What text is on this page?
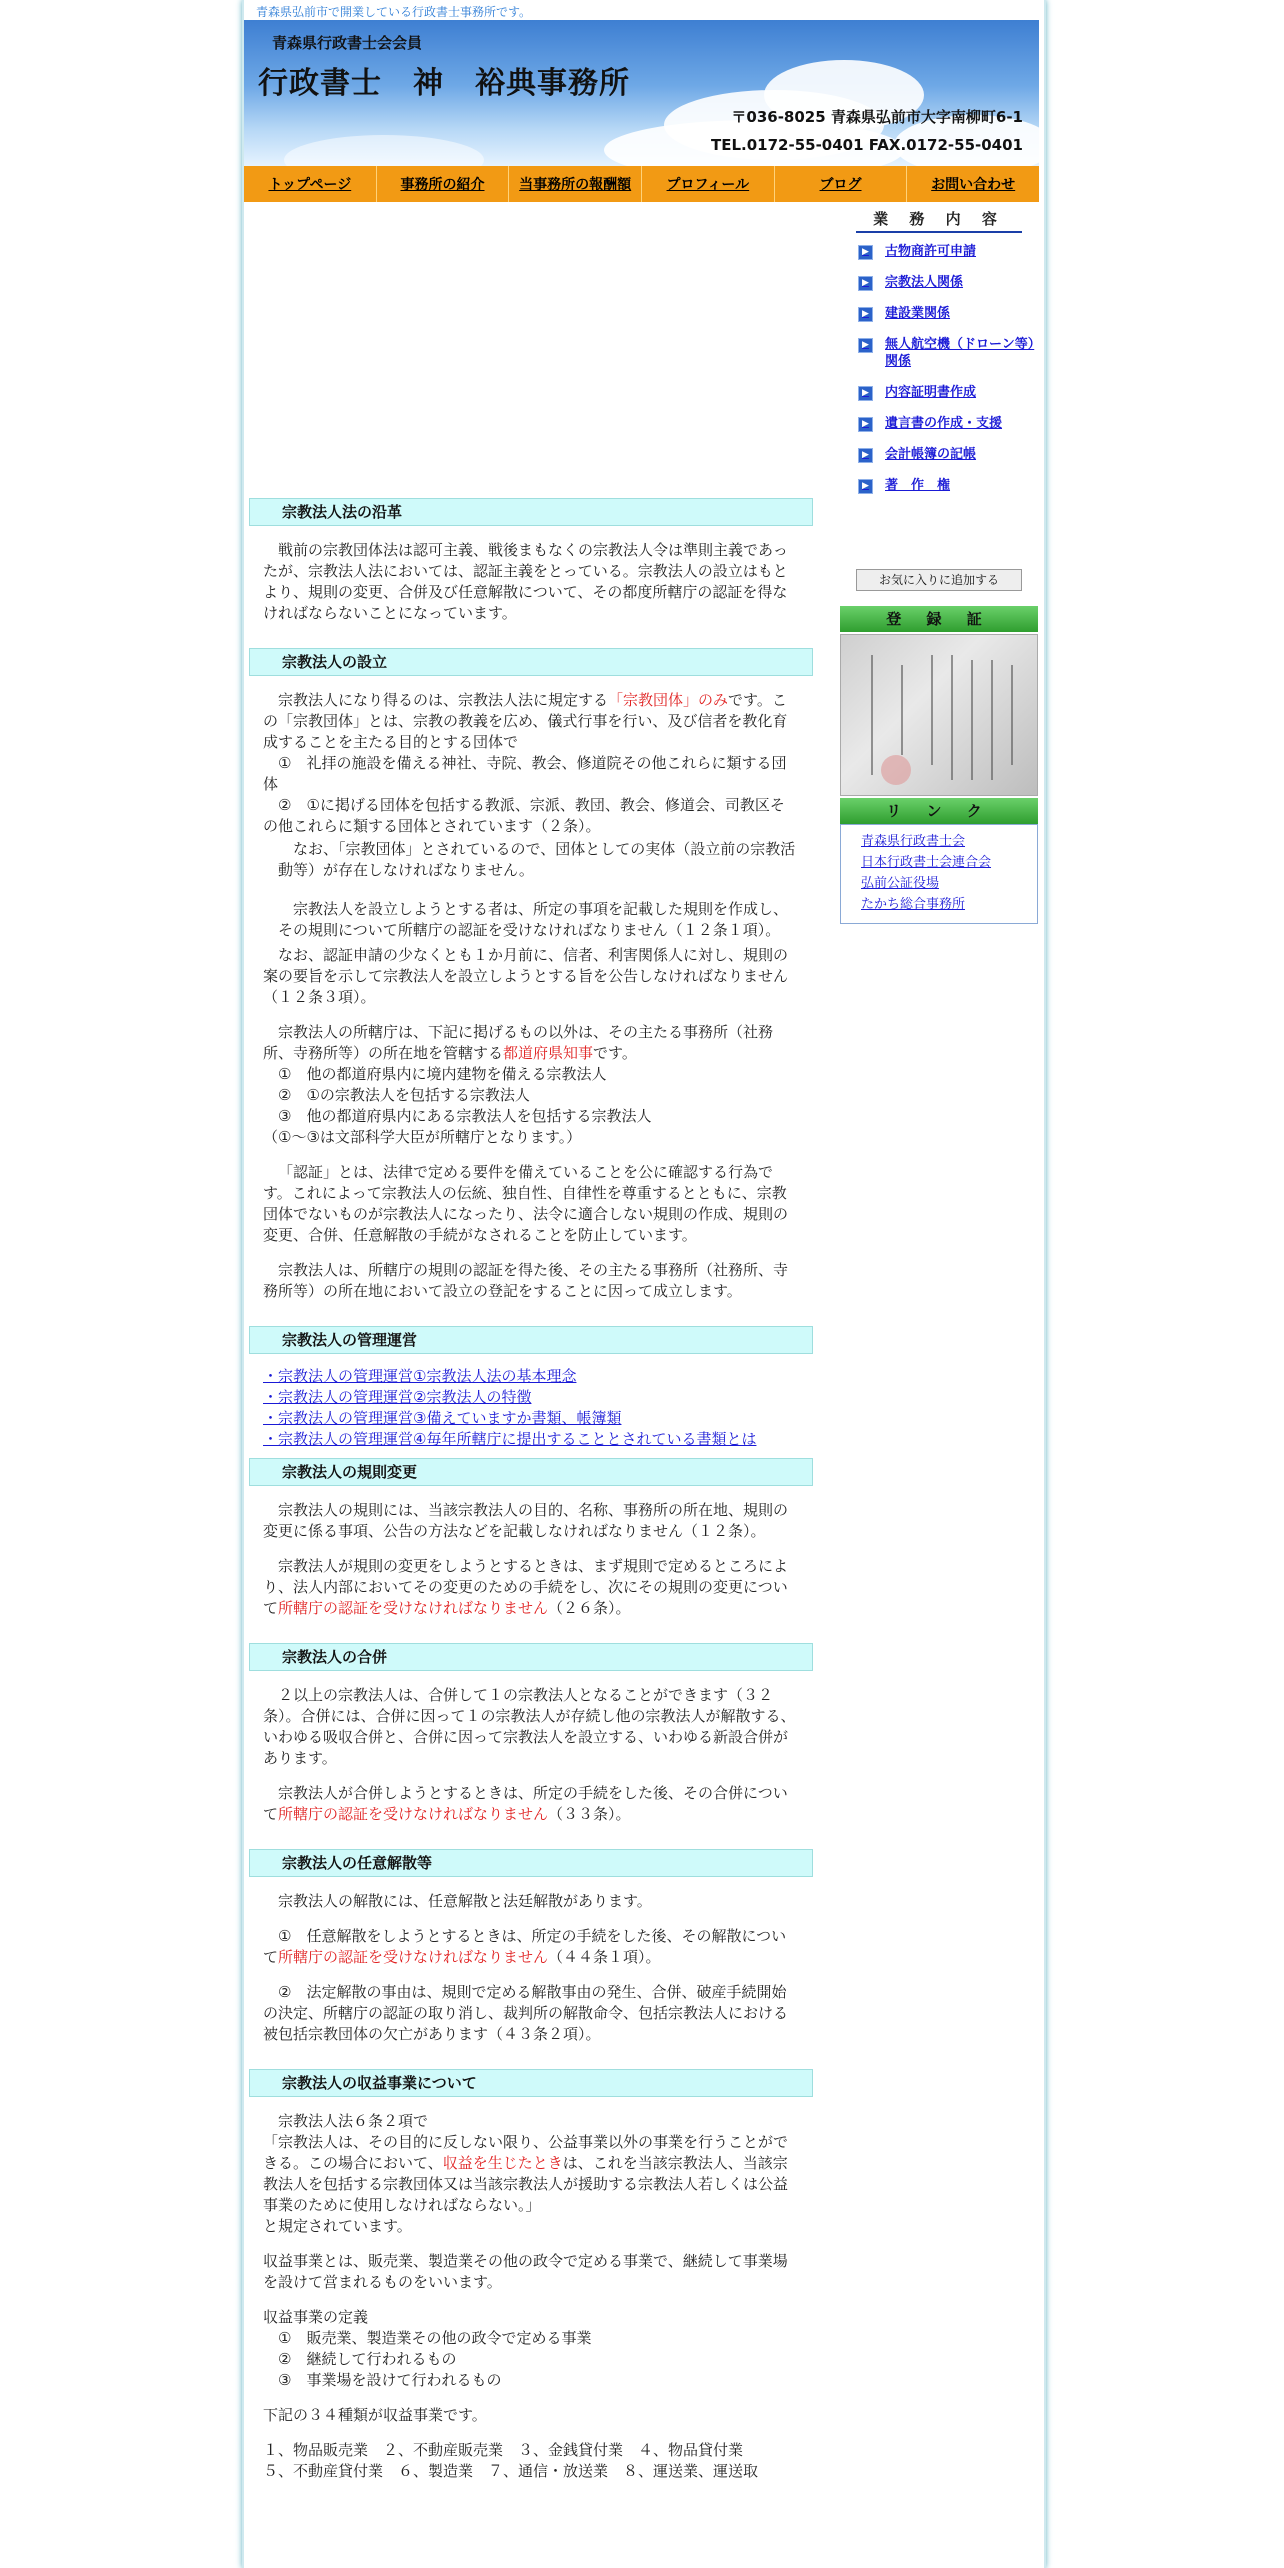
青森県弘前市で開業している行政書士事務所です。
青森県行政書士会会員
行政書士　神　裕典事務所
〒036-8025 青森県弘前市大字南柳町6-1
TEL.0172-55-0401 FAX.0172-55-0401
トップページ	事務所の紹介	当事務所の報酬額	プロフィール	ブログ	お問い合わせ
宗教法人法の沿革

戦前の宗教団体法は認可主義、戦後まもなくの宗教法人令は準則主義であったが、宗教法人法においては、認証主義をとっている。宗教法人の設立はもとより、規則の変更、合併及び任意解散について、その都度所轄庁の認証を得なければならないことになっています。

宗教法人の設立

宗教法人になり得るのは、宗教法人法に規定する「宗教団体」のみです。この「宗教団体」とは、宗教の教義を広め、儀式行事を行い、及び信者を教化育成することを主たる目的とする団体で

①　礼拝の施設を備える神社、寺院、教会、修道院その他これらに類する団体

②　①に掲げる団体を包括する教派、宗派、教団、教会、修道会、司教区その他これらに類する団体とされています（２条）。

なお、「宗教団体」とされているので、団体としての実体（設立前の宗教活動等）が存在しなければなりません。

宗教法人を設立しようとする者は、所定の事項を記載した規則を作成し、その規則について所轄庁の認証を受けなければなりません（１２条１項）。

なお、認証申請の少なくとも１か月前に、信者、利害関係人に対し、規則の案の要旨を示して宗教法人を設立しようとする旨を公告しなければなりません（１２条３項）。

宗教法人の所轄庁は、下記に掲げるもの以外は、その主たる事務所（社務所、寺務所等）の所在地を管轄する都道府県知事です。

①　他の都道府県内に境内建物を備える宗教法人

②　①の宗教法人を包括する宗教法人

③　他の都道府県内にある宗教法人を包括する宗教法人

（①～③は文部科学大臣が所轄庁となります。）

「認証」とは、法律で定める要件を備えていることを公に確認する行為です。これによって宗教法人の伝統、独自性、自律性を尊重するとともに、宗教団体でないものが宗教法人になったり、法令に適合しない規則の作成、規則の変更、合併、任意解散の手続がなされることを防止しています。

宗教法人は、所轄庁の規則の認証を得た後、その主たる事務所（社務所、寺務所等）の所在地において設立の登記をすることに因って成立します。

宗教法人の管理運営
・宗教法人の管理運営①宗教法人法の基本理念
・宗教法人の管理運営②宗教法人の特徴
・宗教法人の管理運営③備えていますか書類、帳簿類
・宗教法人の管理運営④毎年所轄庁に提出することとされている書類とは
宗教法人の規則変更

宗教法人の規則には、当該宗教法人の目的、名称、事務所の所在地、規則の変更に係る事項、公告の方法などを記載しなければなりません（１２条）。

宗教法人が規則の変更をしようとするときは、まず規則で定めるところにより、法人内部においてその変更のための手続をし、次にその規則の変更について所轄庁の認証を受けなければなりません（２６条）。

宗教法人の合併

２以上の宗教法人は、合併して１の宗教法人となることができます（３２条）。合併には、合併に因って１の宗教法人が存続し他の宗教法人が解散する、いわゆる吸収合併と、合併に因って宗教法人を設立する、いわゆる新設合併があります。

宗教法人が合併しようとするときは、所定の手続をした後、その合併について所轄庁の認証を受けなければなりません（３３条）。

宗教法人の任意解散等

宗教法人の解散には、任意解散と法廷解散があります。

①　任意解散をしようとするときは、所定の手続をした後、その解散について所轄庁の認証を受けなければなりません（４４条１項）。

②　法定解散の事由は、規則で定める解散事由の発生、合併、破産手続開始の決定、所轄庁の認証の取り消し、裁判所の解散命令、包括宗教法人における被包括宗教団体の欠亡があります（４３条２項）。

宗教法人の収益事業について

宗教法人法６条２項で

「宗教法人は、その目的に反しない限り、公益事業以外の事業を行うことができる。この場合において、収益を生じたときは、これを当該宗教法人、当該宗教法人を包括する宗教団体又は当該宗教法人が援助する宗教法人若しくは公益事業のために使用しなければならない。」

と規定されています。

収益事業とは、販売業、製造業その他の政令で定める事業で、継続して事業場を設けて営まれるものをいいます。

収益事業の定義

①　販売業、製造業その他の政令で定める事業

②　継続して行われるもの

③　事業場を設けて行われるもの

下記の３４種類が収益事業です。

１、物品販売業　２、不動産販売業　３、金銭貸付業　４、物品貸付業

５、不動産貸付業　６、製造業　７、通信・放送業　８、運送業、運送取

業 務 内 容
▶	古物商許可申請
▶	宗教法人関係
▶	建設業関係
▶	無人航空機（ドローン等）関係
▶	内容証明書作成
▶	遺言書の作成・支援
▶	会計帳簿の記帳
▶	著　作　権
お気に入りに追加する
登 録 証
リ ン ク
青森県行政書士会
日本行政書士会連合会
弘前公証役場
たかち総合事務所
